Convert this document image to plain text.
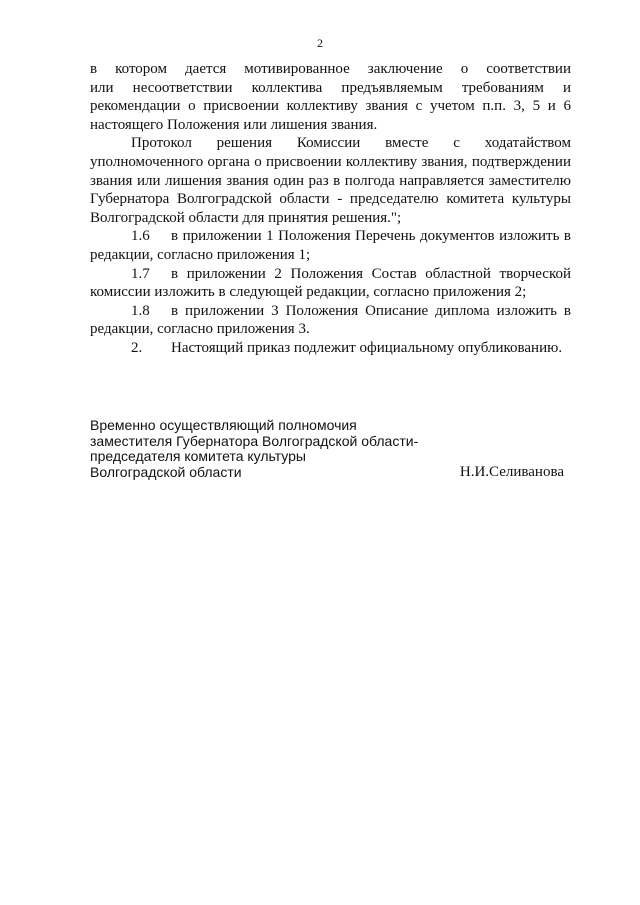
2

в котором дается мотивированное заключение о соответствии
или несоответствии коллектива предъявляемым требованиям и рекомендации о присвоении коллективу звания с учетом п.п. 3, 5 и 6 настоящего Положения или лишения звания.

Протокол решения Комиссии вместе с ходатайством уполномоченного органа о присвоении коллективу звания, подтверждении звания или лишения звания один раз в полгода направляется заместителю Губернатора Волгоградской области - председателю комитета культуры Волгоградской области для принятия решения.";

1.6 в приложении 1 Положения Перечень документов изложить в редакции, согласно приложения 1;

1.7 в приложении 2 Положения Состав областной творческой комиссии изложить в следующей редакции, согласно приложения 2;

1.8 в приложении 3 Положения Описание диплома изложить в редакции, согласно приложения 3.

2. Настоящий приказ подлежит официальному опубликованию.

Временно осуществляющий полномочия
заместителя Губернатора Волгоградской области-
председателя комитета культуры
Волгоградской области	Н.И.Селиванова
